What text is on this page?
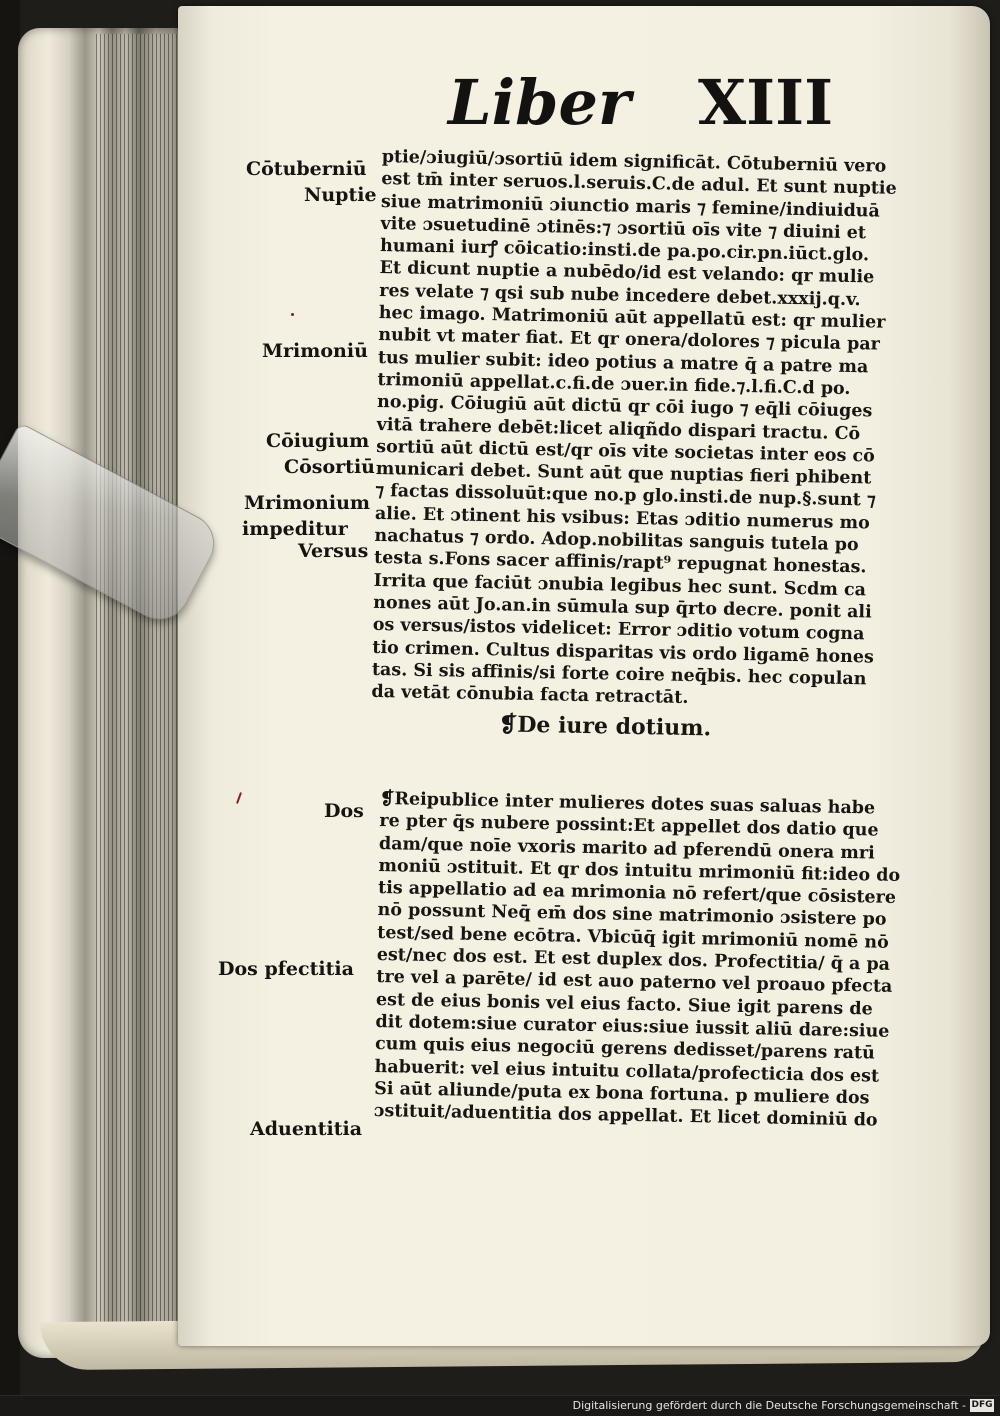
Liber XIII
Cōtuberniū
Nuptie
Mrimoniū
Cōiugium
Cōsortiū
Mrimonium
impeditur
Versus
Dos
Dos pfectitia
Aduentitia
ptie/ɔiugiū/ɔsortiū idem significāt. Cōtuberniū vero
est tm̄ inter seruos.l.seruis.C.de adul. Et sunt nuptie
siue matrimoniū ɔiunctio maris ⁊ femine/indiuiduā
vite ɔsuetudinē ɔtinēs:⁊ ɔsortiū oīs vite ⁊ diuini et
humani iurꝭ cōicatio:insti.de pa.po.cir.pn.iūct.glo.
Et dicunt nuptie a nubēdo/id est velando: qr mulie
res velate ⁊ qsi sub nube incedere debet.xxxij.q.v.
hec imago. Matrimoniū aūt appellatū est: qr mulier
nubit vt mater fiat. Et qr onera/dolores ⁊ picula par
tus mulier subit: ideo potius a matre q̄ a patre ma
trimoniū appellat.c.fi.de ɔuer.in fide.⁊.l.fi.C.d po.
no.pig. Cōiugiū aūt dictū qr cōi iugo ⁊ eq̄li cōiuges
vitā trahere debēt:licet aliqñdo dispari tractu. Cō
sortiū aūt dictū est/qr oīs vite societas inter eos cō
municari debet. Sunt aūt que nuptias fieri phibent
⁊ factas dissoluūt:que no.p glo.insti.de nup.§.sunt ⁊
alie. Et ɔtinent his vsibus: Etas ɔditio numerus mo
nachatus ⁊ ordo. Adop.nobilitas sanguis tutela po
testa s.Fons sacer affinis/rapt⁹ repugnat honestas.
Irrita que faciūt ɔnubia legibus hec sunt. Scdm ca
nones aūt Jo.an.in sūmula sup q̄rto decre. ponit ali
os versus/istos videlicet: Error ɔditio votum cogna
tio crimen. Cultus disparitas vis ordo ligamē hones
tas. Si sis affinis/si forte coire neq̄bis. hec copulan
da vetāt cōnubia facta retractāt.
❡De iure dotium.
❡Reipublice inter mulieres dotes suas saluas habe
re pter q̄s nubere possint:Et appellet dos datio que
dam/que noīe vxoris marito ad pferendū onera mri
moniū ɔstituit. Et qr dos intuitu mrimoniū fit:ideo do
tis appellatio ad ea mrimonia nō refert/que cōsistere
nō possunt Neq̄ em̄ dos sine matrimonio ɔsistere po
test/sed bene ecōtra. Vbicūq̄ igit mrimoniū nomē nō
est/nec dos est. Et est duplex dos. Profectitia/ q̄ a pa
tre vel a parēte/ id est auo paterno vel proauo pfecta
est de eius bonis vel eius facto. Siue igit parens de
dit dotem:siue curator eius:siue iussit aliū dare:siue
cum quis eius negociū gerens dedisset/parens ratū
habuerit: vel eius intuitu collata/profecticia dos est
Si aūt aliunde/puta ex bona fortuna. p muliere dos
ɔstituit/aduentitia dos appellat. Et licet dominiū do
Digitalisierung gefördert durch die Deutsche Forschungsgemeinschaft - DFG
